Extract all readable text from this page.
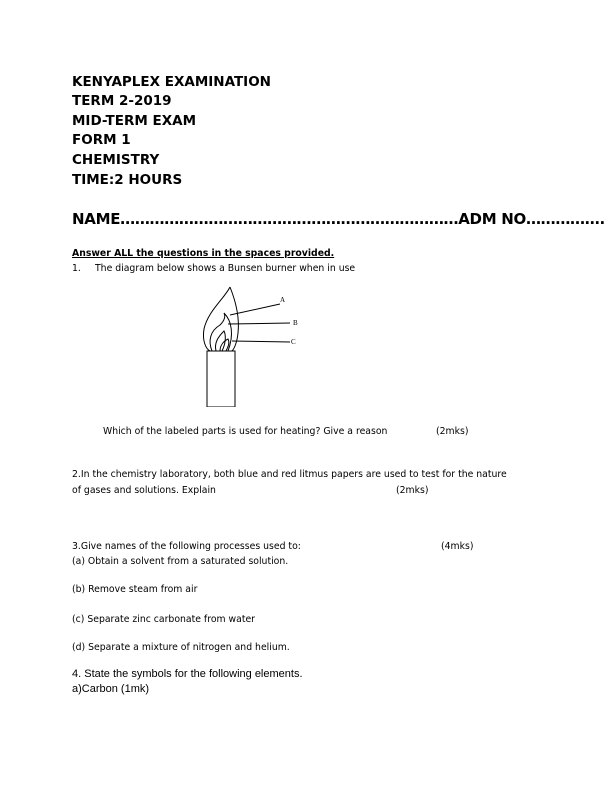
KENYAPLEX EXAMINATION
TERM 2-2019
MID-TERM EXAM
FORM 1
CHEMISTRY
TIME:2 HOURS
NAME……………………………………………………………ADM NO…………….
Answer ALL the questions in the spaces provided.
1. The diagram below shows a Bunsen burner when in use
A
B
C
Which of the labeled parts is used for heating? Give a reason	(2mks)
2.In the chemistry laboratory, both blue and red litmus papers are used to test for the nature
of gases and solutions. Explain	(2mks)
3.Give names of the following processes used to:	(4mks)
(a) Obtain a solvent from a saturated solution.
(b) Remove steam from air
(c) Separate zinc carbonate from water
(d) Separate a mixture of nitrogen and helium.
4. State the symbols for the following elements.
a)Carbon (1mk)
